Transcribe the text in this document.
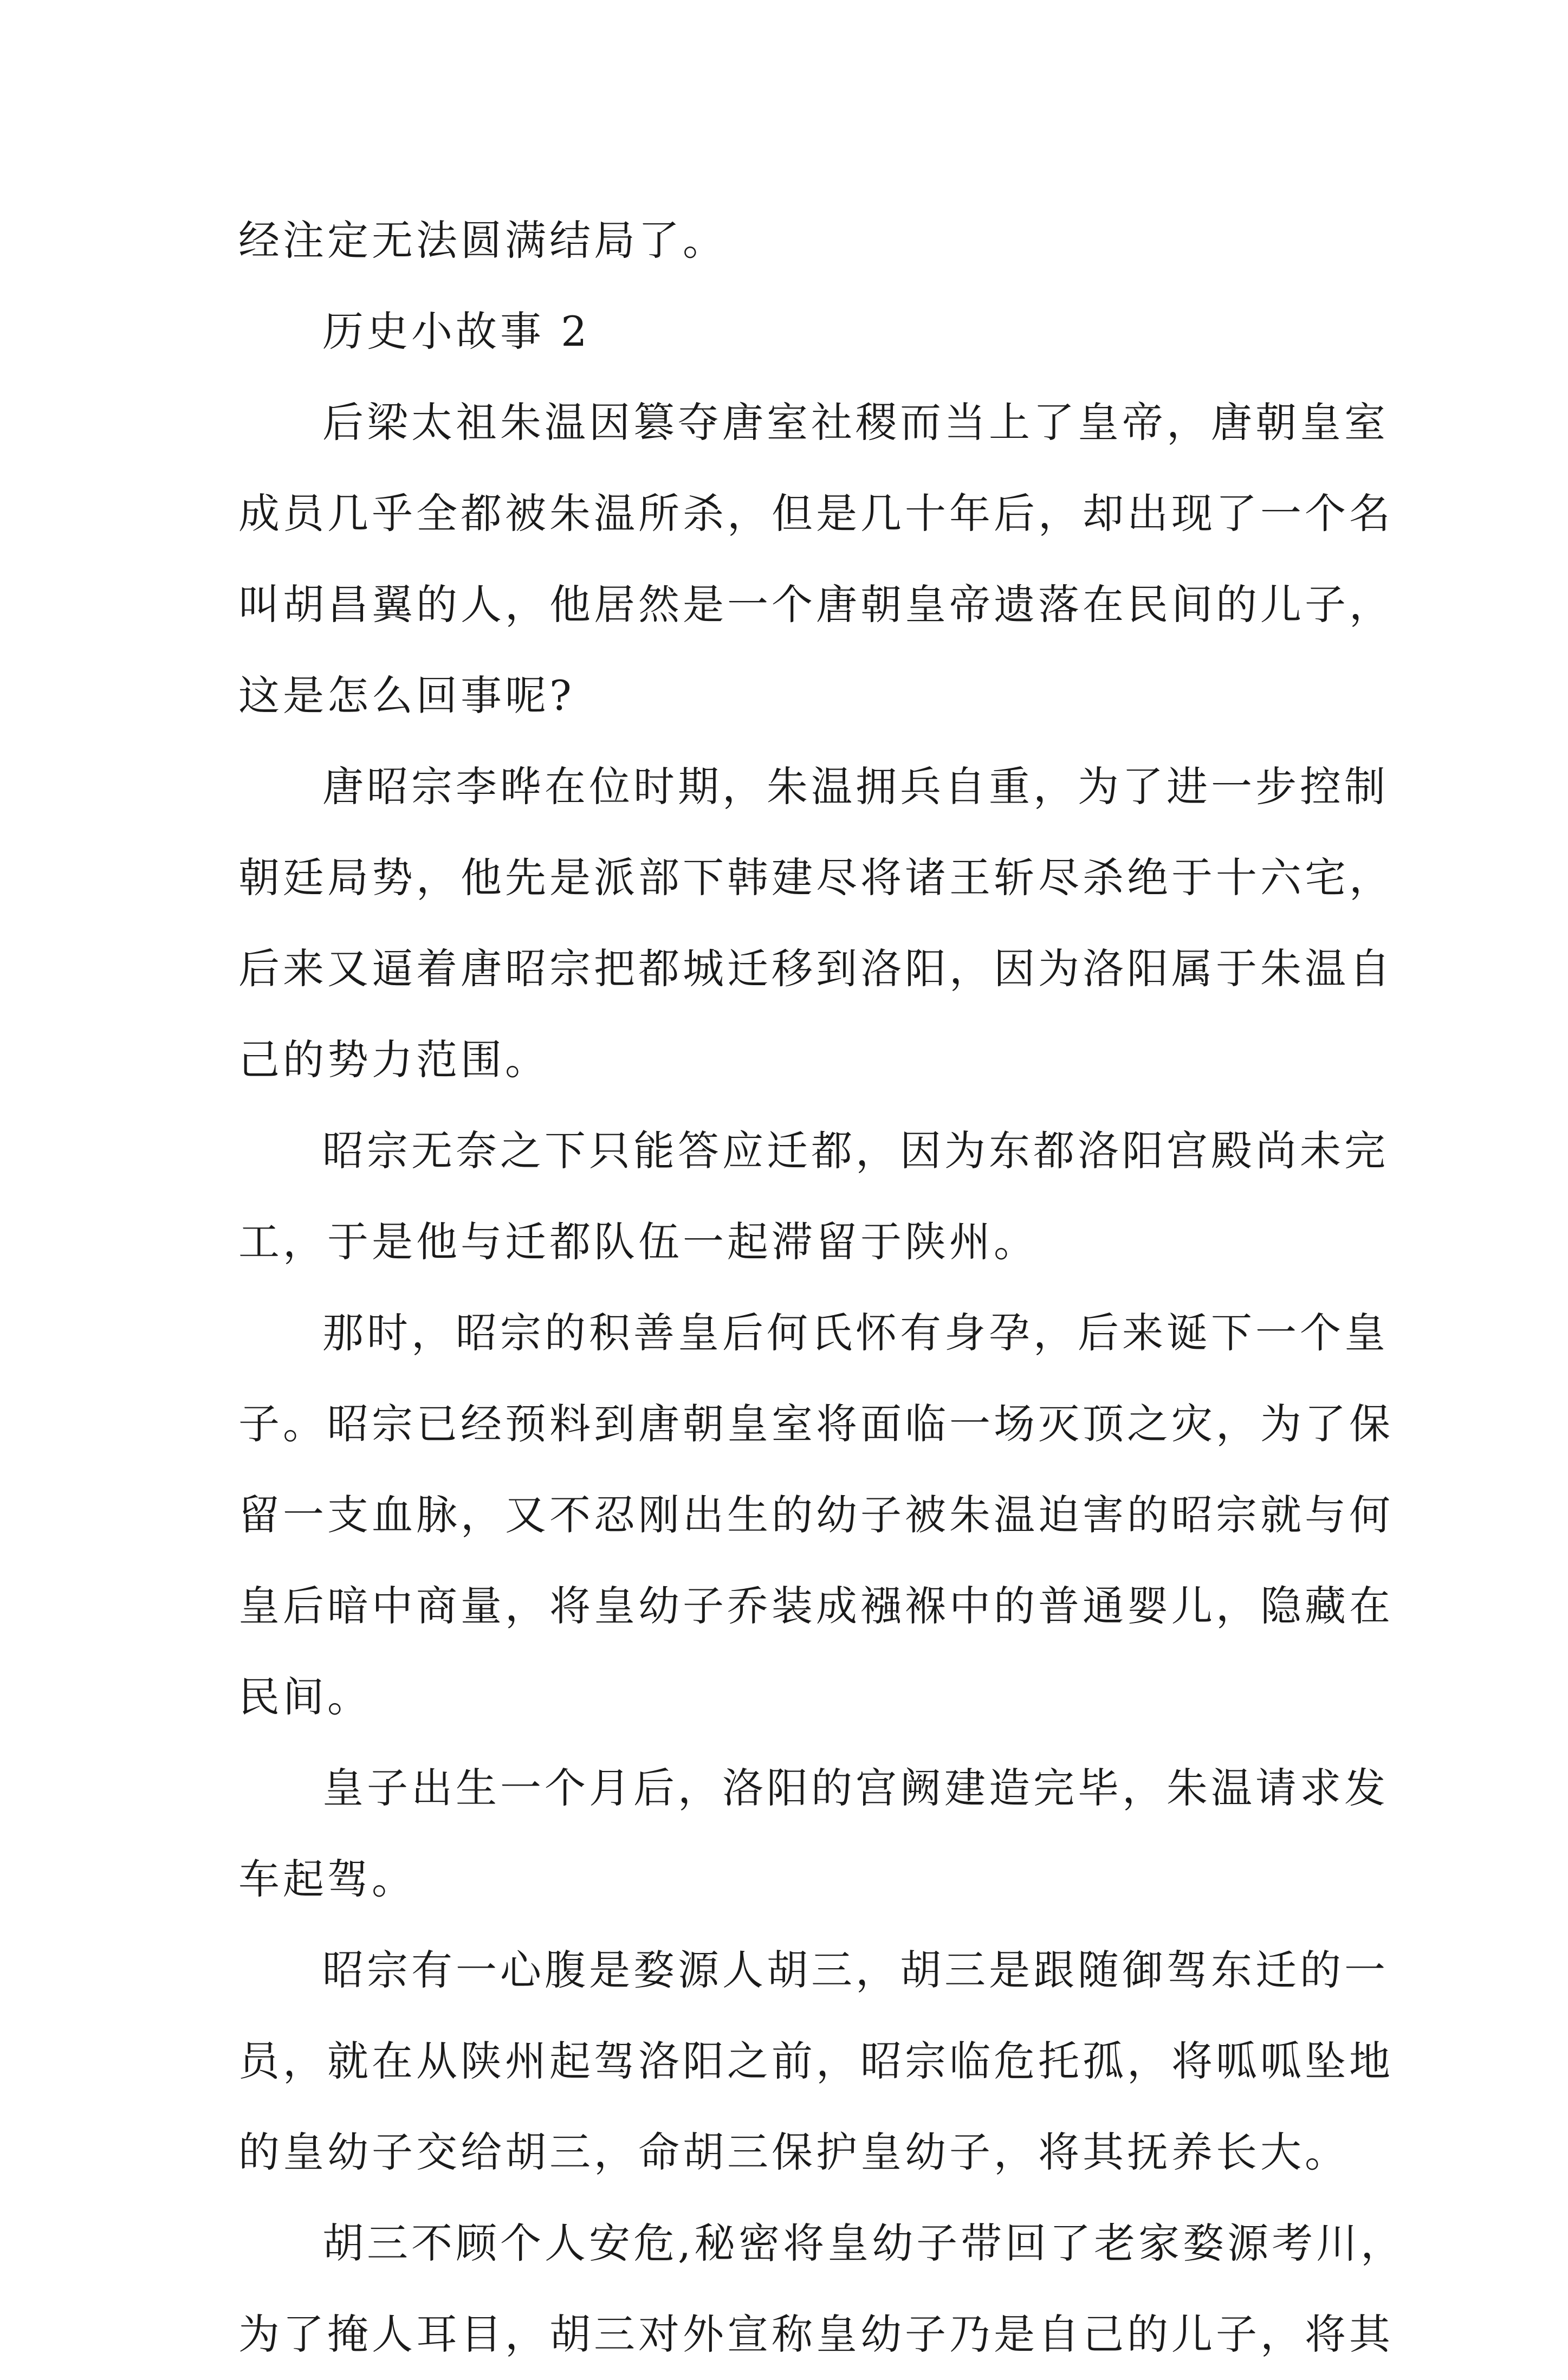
经注定无法圆满结局了。
历史小故事 2
后梁太祖朱温因篡夺唐室社稷而当上了皇帝，唐朝皇室
成员几乎全都被朱温所杀，但是几十年后，却出现了一个名
叫胡昌翼的人，他居然是一个唐朝皇帝遗落在民间的儿子，
这是怎么回事呢?
唐昭宗李晔在位时期，朱温拥兵自重，为了进一步控制
朝廷局势，他先是派部下韩建尽将诸王斩尽杀绝于十六宅，
后来又逼着唐昭宗把都城迁移到洛阳，因为洛阳属于朱温自
己的势力范围。
昭宗无奈之下只能答应迁都，因为东都洛阳宫殿尚未完
工，于是他与迁都队伍一起滞留于陕州。
那时，昭宗的积善皇后何氏怀有身孕，后来诞下一个皇
子。昭宗已经预料到唐朝皇室将面临一场灭顶之灾，为了保
留一支血脉，又不忍刚出生的幼子被朱温迫害的昭宗就与何
皇后暗中商量，将皇幼子乔装成襁褓中的普通婴儿，隐藏在
民间。
皇子出生一个月后，洛阳的宫阙建造完毕，朱温请求发
车起驾。
昭宗有一心腹是婺源人胡三，胡三是跟随御驾东迁的一
员，就在从陕州起驾洛阳之前，昭宗临危托孤，将呱呱坠地
的皇幼子交给胡三，命胡三保护皇幼子，将其抚养长大。
胡三不顾个人安危,秘密将皇幼子带回了老家婺源考川，
为了掩人耳目，胡三对外宣称皇幼子乃是自己的儿子，将其
